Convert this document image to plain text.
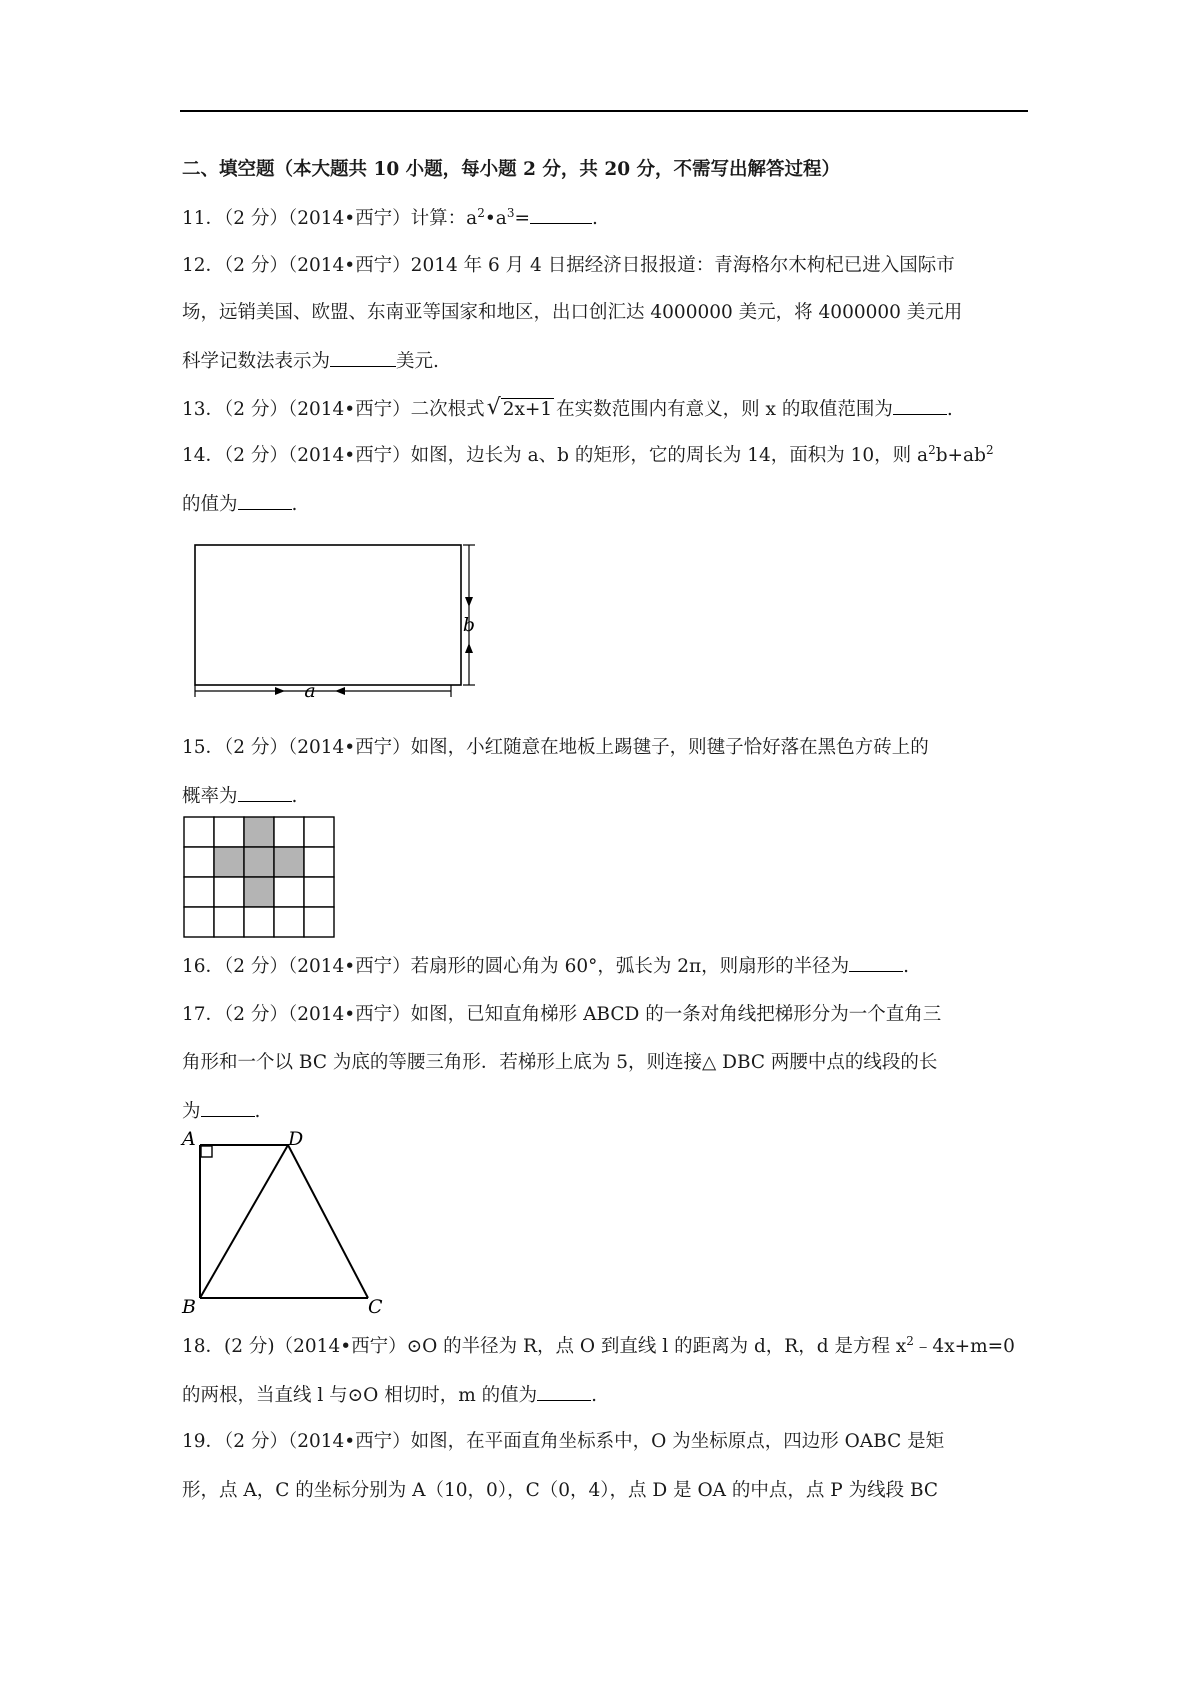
二、填空题（本大题共 10 小题，每小题 2 分，共 20 分，不需写出解答过程）
11．（2 分）（2014•西宁）计算：$a^2•a^3=$	.
12．（2 分）（2014•西宁）2014 年 6 月 4 日据经济日报报道：青海格尔木枸杞已进入国际市
场，远销美国、欧盟、东南亚等国家和地区，出口创汇达 4000000 美元，将 4000000 美元用
科学记数法表示为	美元.
13．（2 分）（2014•西宁）二次根式 √ 2x+1 在实数范围内有意义，则 x 的取值范围为	.
14．（2 分）（2014•西宁）如图，边长为 a、b 的矩形，它的周长为 14，面积为 10，则 $a^2b+ab^2$
的值为	.
a
b
15．（2 分）（2014•西宁）如图，小红随意在地板上踢毽子，则毽子恰好落在黑色方砖上的
概率为	.
16．（2 分）（2014•西宁）若扇形的圆心角为 60°，弧长为 2π，则扇形的半径为	.
17．（2 分）（2014•西宁）如图，已知直角梯形 ABCD 的一条对角线把梯形分为一个直角三
角形和一个以 BC 为底的等腰三角形．若梯形上底为 5，则连接△ DBC 两腰中点的线段的长
为	.
A	D
B	C
18．(2 分)（2014•西宁）⊙O 的半径为 R，点 O 到直线 l 的距离为 d，R，d 是方程 $x^2﹣4x+m=0$
的两根，当直线 l 与⊙O 相切时，m 的值为	.
19．（2 分）（2014•西宁）如图，在平面直角坐标系中，O 为坐标原点，四边形 OABC 是矩
形，点 A，C 的坐标分别为 A（10，0），C（0，4），点 D 是 OA 的中点，点 P 为线段 BC
